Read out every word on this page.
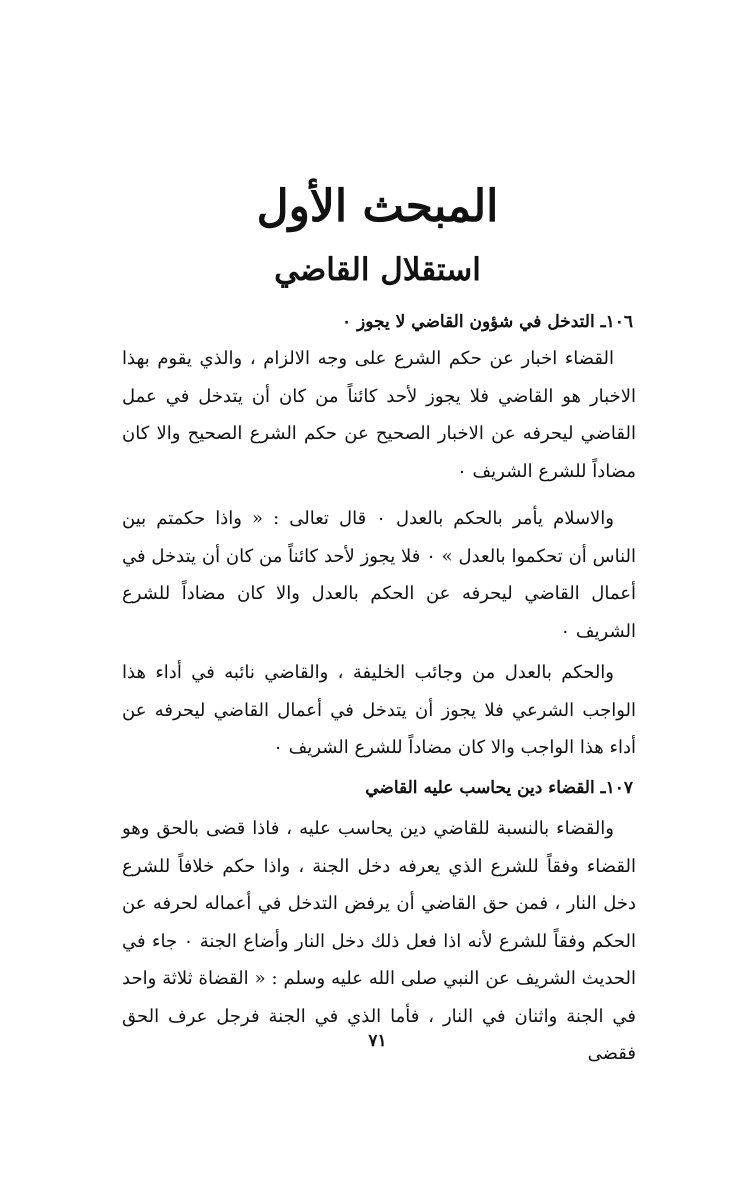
المبحث الأول
استقلال القاضي
١٠٦ـ التدخل في شؤون القاضي لا يجوز ٠

القضاء اخبار عن حكم الشرع على وجه الالزام ، والذي يقوم بهذا الاخبار هو القاضي فلا يجوز لأحد كائناً من كان أن يتدخل في عمل القاضي ليحرفه عن الاخبار الصحيح عن حكم الشرع الصحيح والا كان مضاداً للشرع الشريف ٠

والاسلام يأمر بالحكم بالعدل ٠ قال تعالى : « واذا حكمتم بين الناس أن تحكموا بالعدل » ٠ فلا يجوز لأحد كائناً من كان أن يتدخل في أعمال القاضي ليحرفه عن الحكم بالعدل والا كان مضاداً للشرع الشريف ٠

والحكم بالعدل من وجائب الخليفة ، والقاضي نائبه في أداء هذا الواجب الشرعي فلا يجوز أن يتدخل في أعمال القاضي ليحرفه عن أداء هذا الواجب والا كان مضاداً للشرع الشريف ٠

١٠٧ـ القضاء دين يحاسب عليه القاضي

والقضاء بالنسبة للقاضي دين يحاسب عليه ، فاذا قضى بالحق وهو القضاء وفقاً للشرع الذي يعرفه دخل الجنة ، واذا حكم خلافاً للشرع دخل النار ، فمن حق القاضي أن يرفض التدخل في أعماله لحرفه عن الحكم وفقاً للشرع لأنه اذا فعل ذلك دخل النار وأضاع الجنة ٠ جاء في الحديث الشريف عن النبي صلى الله عليه وسلم : « القضاة ثلاثة واحد في الجنة واثنان في النار ، فأما الذي في الجنة فرجل عرف الحق فقضى

٧١
